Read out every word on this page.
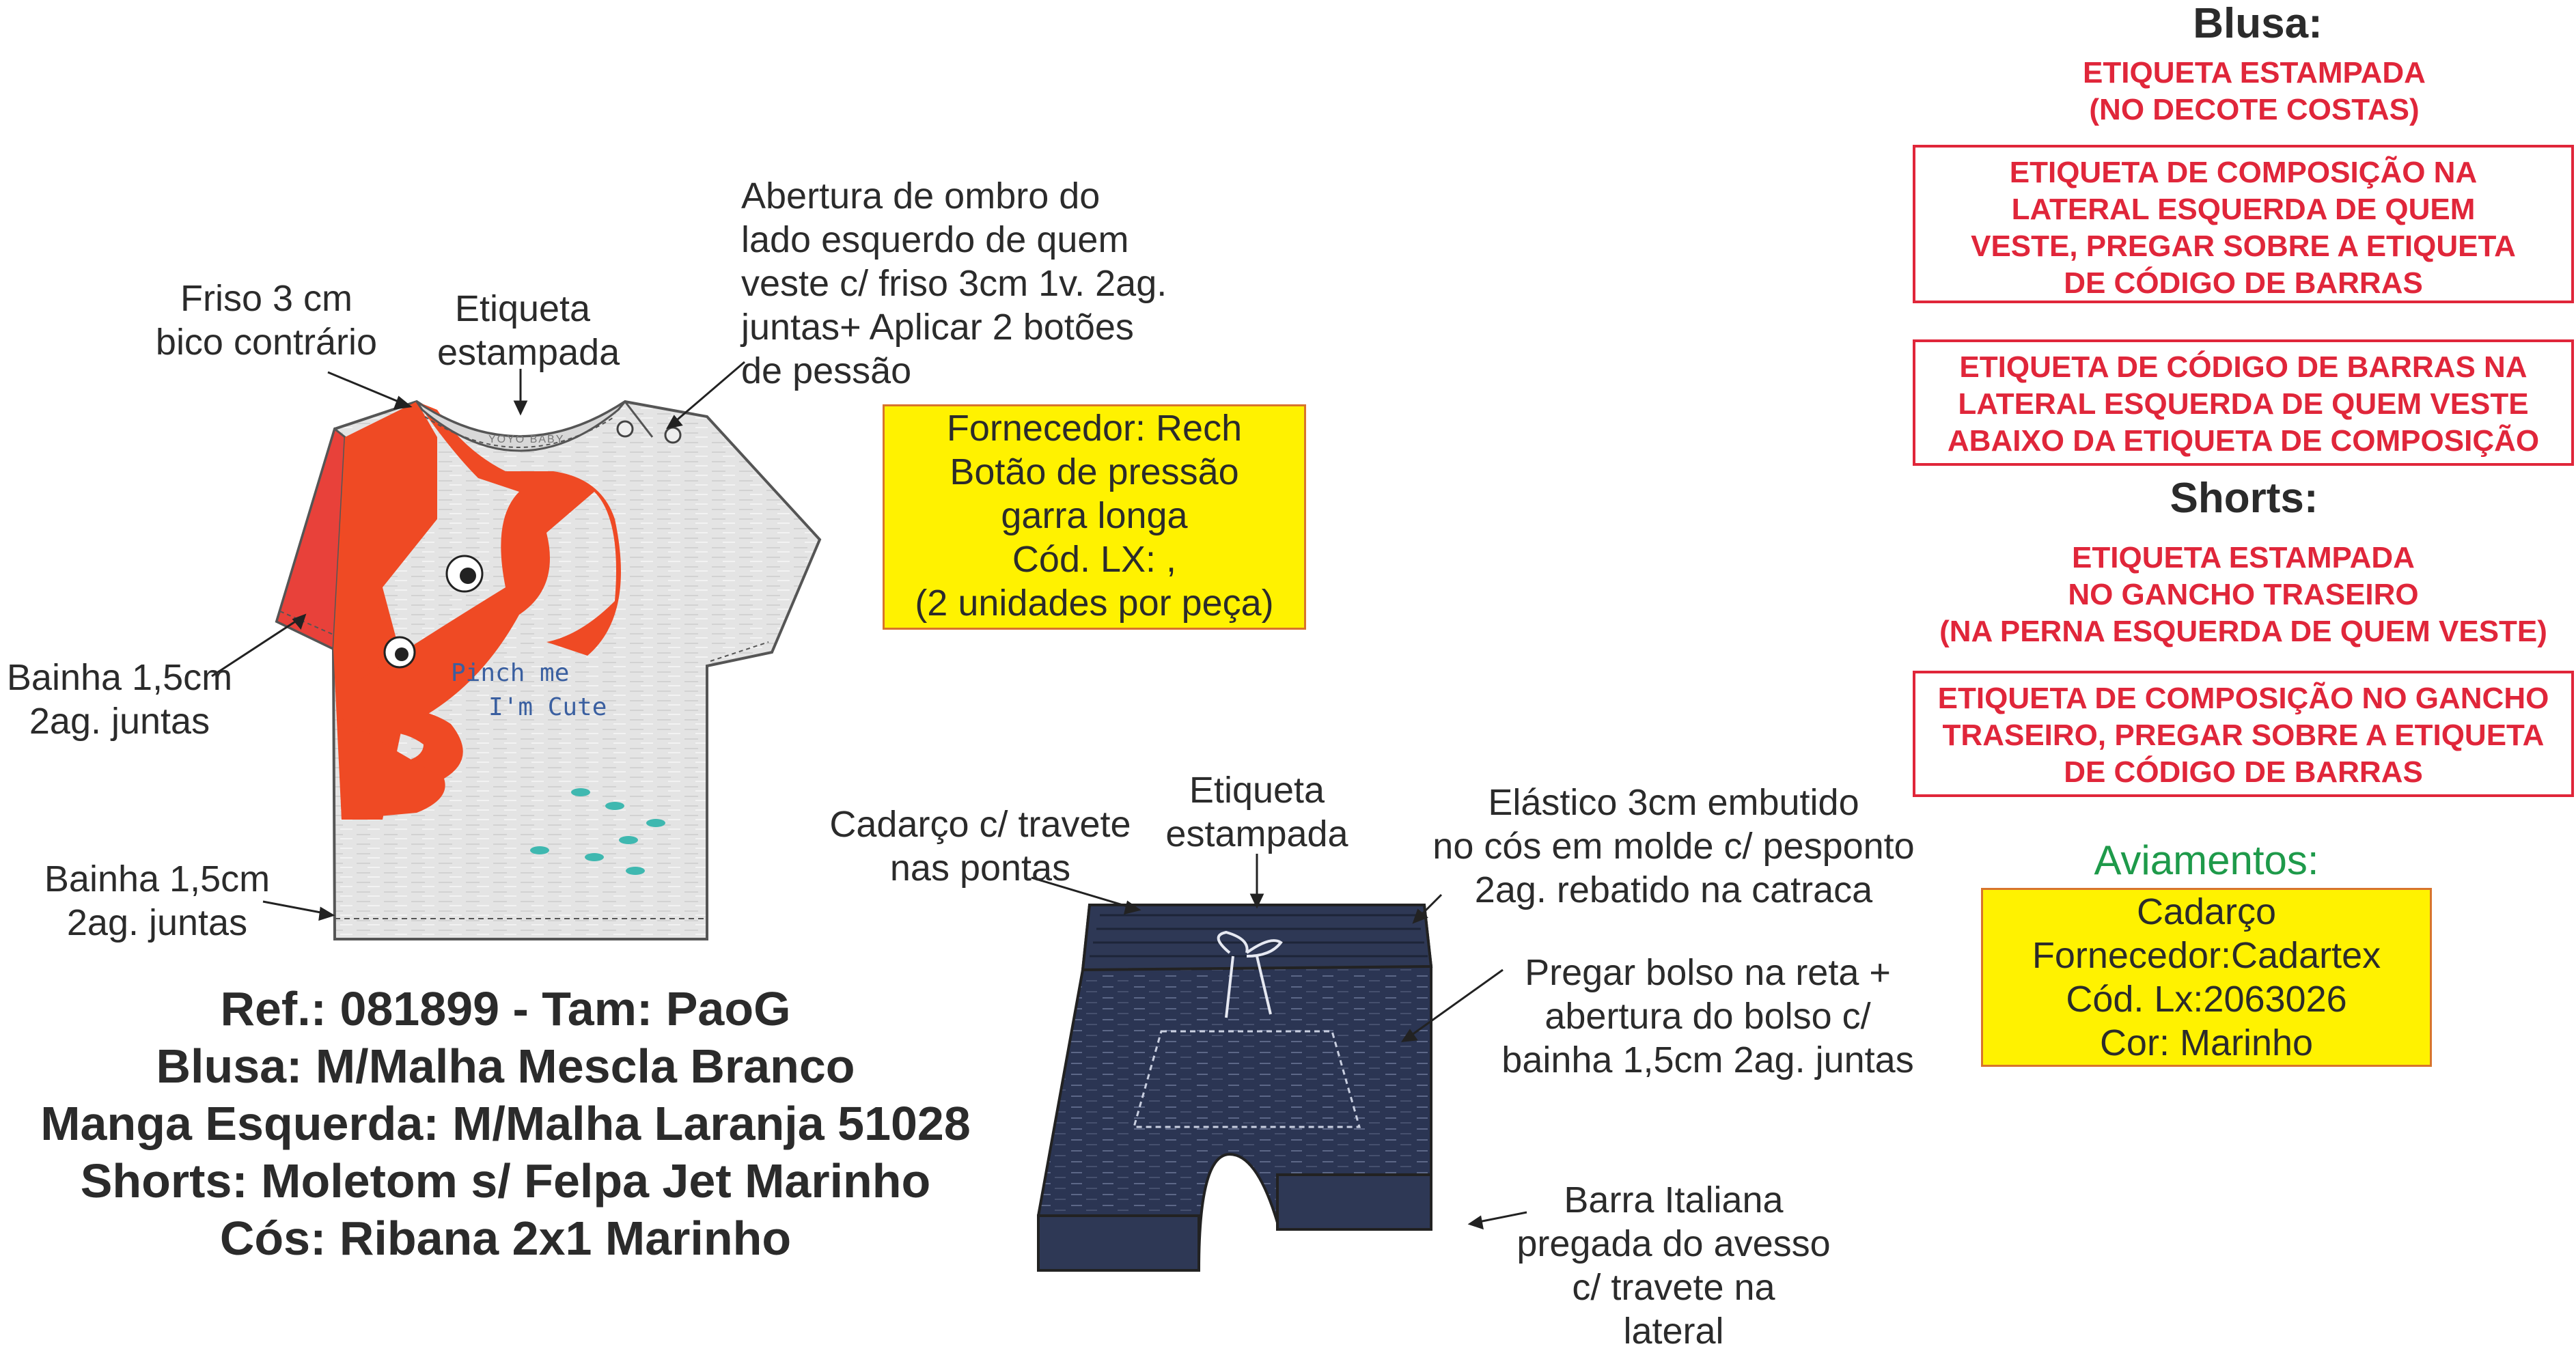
YOYO BABY
Pinch me
I'm Cute
Friso 3 cm
bico contrário
Etiqueta
estampada
Abertura de ombro do
lado esquerdo de quem
veste c/ friso 3cm 1v. 2ag.
juntas+ Aplicar 2 botões
de pessão
Bainha 1,5cm
2ag. juntas
Bainha 1,5cm
2ag. juntas
Fornecedor: Rech
Botão de pressão
garra longa
Cód. LX: ,
(2 unidades por peça)
Ref.: 081899 - Tam: PaoG
Blusa: M/Malha Mescla Branco
Manga Esquerda: M/Malha Laranja 51028
Shorts: Moletom s/ Felpa Jet Marinho
Cós: Ribana 2x1 Marinho
Cadarço c/ travete
nas pontas
Etiqueta
estampada
Elástico 3cm embutido
no cós em molde c/ pesponto
2ag. rebatido na catraca
Pregar bolso na reta +
abertura do bolso c/
bainha 1,5cm 2ag. juntas
Barra Italiana
pregada do avesso
c/ travete na
lateral
Blusa:
ETIQUETA ESTAMPADA
(NO DECOTE COSTAS)
ETIQUETA DE COMPOSIÇÃO NA
LATERAL ESQUERDA DE QUEM
VESTE, PREGAR SOBRE A ETIQUETA
DE CÓDIGO DE BARRAS
ETIQUETA DE CÓDIGO DE BARRAS NA
LATERAL ESQUERDA DE QUEM VESTE
ABAIXO DA ETIQUETA DE COMPOSIÇÃO
Shorts:
ETIQUETA ESTAMPADA
NO GANCHO TRASEIRO
(NA PERNA ESQUERDA DE QUEM VESTE)
ETIQUETA DE COMPOSIÇÃO NO GANCHO
TRASEIRO, PREGAR SOBRE A ETIQUETA
DE CÓDIGO DE BARRAS
Aviamentos:
Cadarço
Fornecedor:Cadartex
Cód. Lx:2063026
Cor: Marinho
